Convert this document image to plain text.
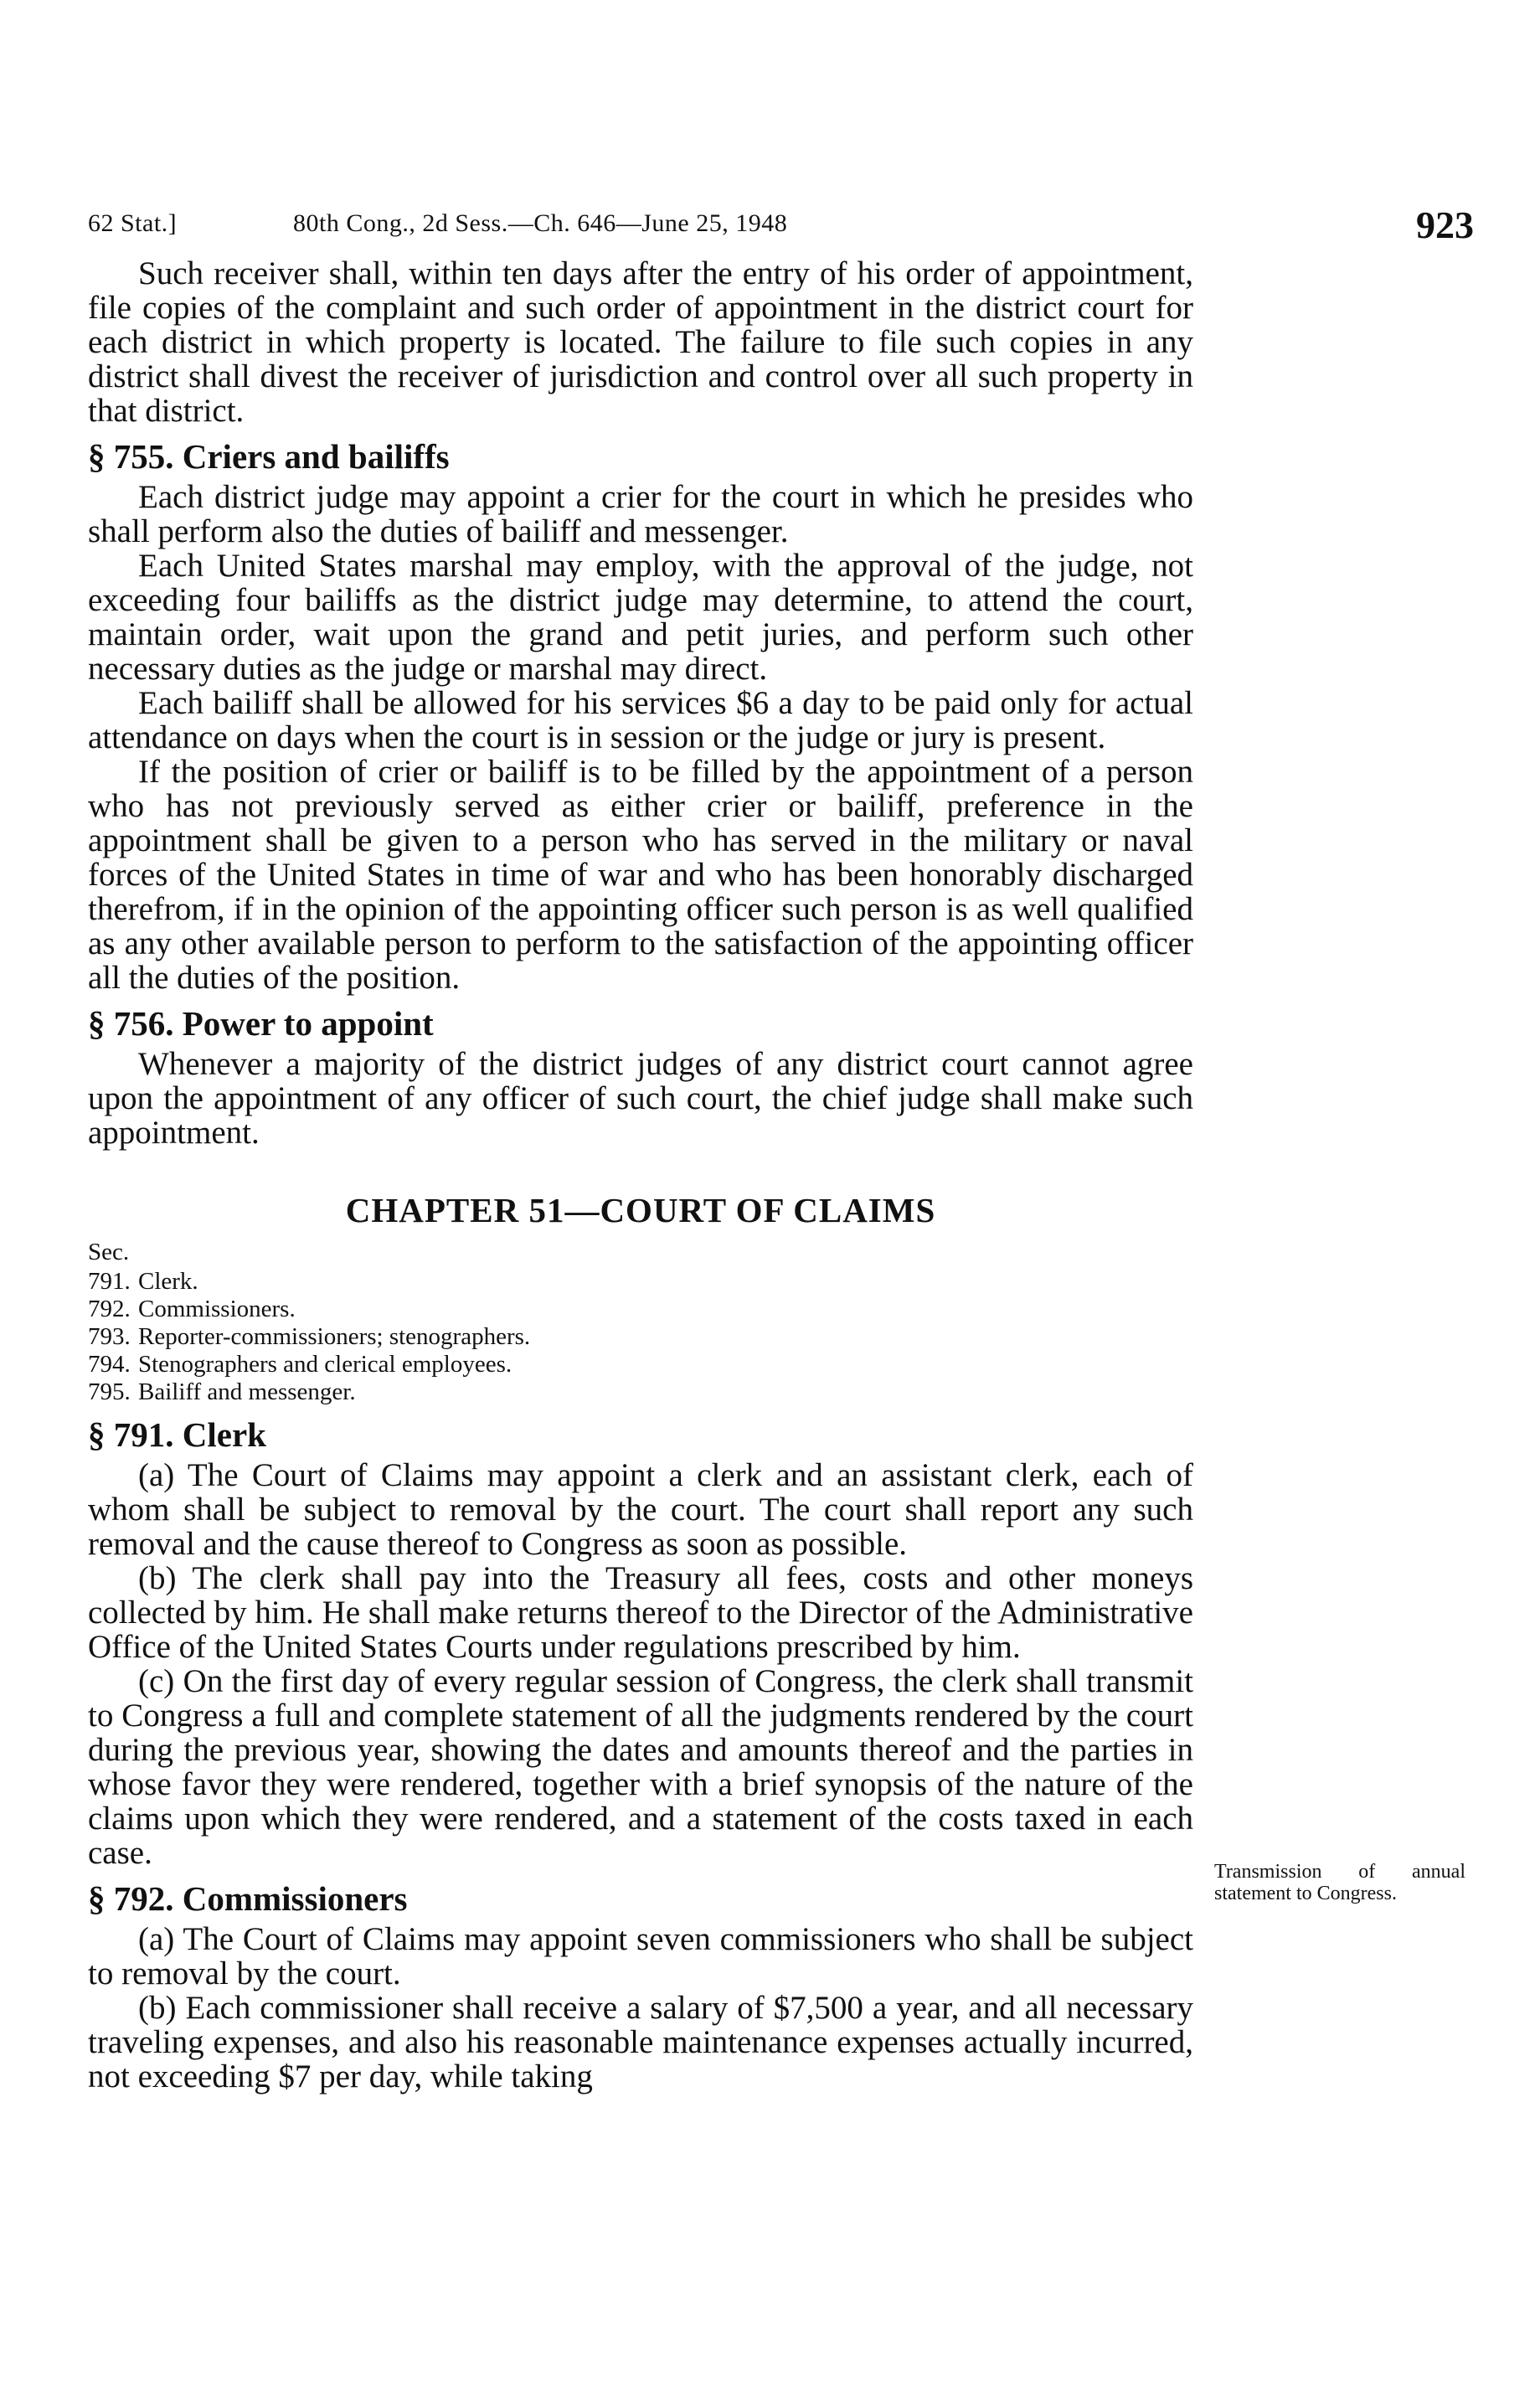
62 Stat.]	80th Cong., 2d Sess.—Ch. 646—June 25, 1948	923

Such receiver shall, within ten days after the entry of his order of appointment, file copies of the complaint and such order of appointment in the district court for each district in which property is located. The failure to file such copies in any district shall divest the receiver of jurisdiction and control over all such property in that district.

§ 755. Criers and bailiffs

Each district judge may appoint a crier for the court in which he presides who shall perform also the duties of bailiff and messenger.

Each United States marshal may employ, with the approval of the judge, not exceeding four bailiffs as the district judge may determine, to attend the court, maintain order, wait upon the grand and petit juries, and perform such other necessary duties as the judge or marshal may direct.

Each bailiff shall be allowed for his services $6 a day to be paid only for actual attendance on days when the court is in session or the judge or jury is present.

If the position of crier or bailiff is to be filled by the appointment of a person who has not previously served as either crier or bailiff, preference in the appointment shall be given to a person who has served in the military or naval forces of the United States in time of war and who has been honorably discharged therefrom, if in the opinion of the appointing officer such person is as well qualified as any other available person to perform to the satisfaction of the appointing officer all the duties of the position.

§ 756. Power to appoint

Whenever a majority of the district judges of any district court cannot agree upon the appointment of any officer of such court, the chief judge shall make such appointment.

CHAPTER 51—COURT OF CLAIMS
Sec.
791. Clerk.
792. Commissioners.
793. Reporter-commissioners; stenographers.
794. Stenographers and clerical employees.
795. Bailiff and messenger.
§ 791. Clerk

(a) The Court of Claims may appoint a clerk and an assistant clerk, each of whom shall be subject to removal by the court. The court shall report any such removal and the cause thereof to Congress as soon as possible.

(b) The clerk shall pay into the Treasury all fees, costs and other moneys collected by him. He shall make returns thereof to the Director of the Administrative Office of the United States Courts under regulations prescribed by him.

(c) On the first day of every regular session of Congress, the clerk shall transmit to Congress a full and complete statement of all the judgments rendered by the court during the previous year, showing the dates and amounts thereof and the parties in whose favor they were rendered, together with a brief synopsis of the nature of the claims upon which they were rendered, and a statement of the costs taxed in each case.

§ 792. Commissioners

(a) The Court of Claims may appoint seven commissioners who shall be subject to removal by the court.

(b) Each commissioner shall receive a salary of $7,500 a year, and all necessary traveling expenses, and also his reasonable maintenance expenses actually incurred, not exceeding $7 per day, while taking

Transmission of annual statement to Congress.
